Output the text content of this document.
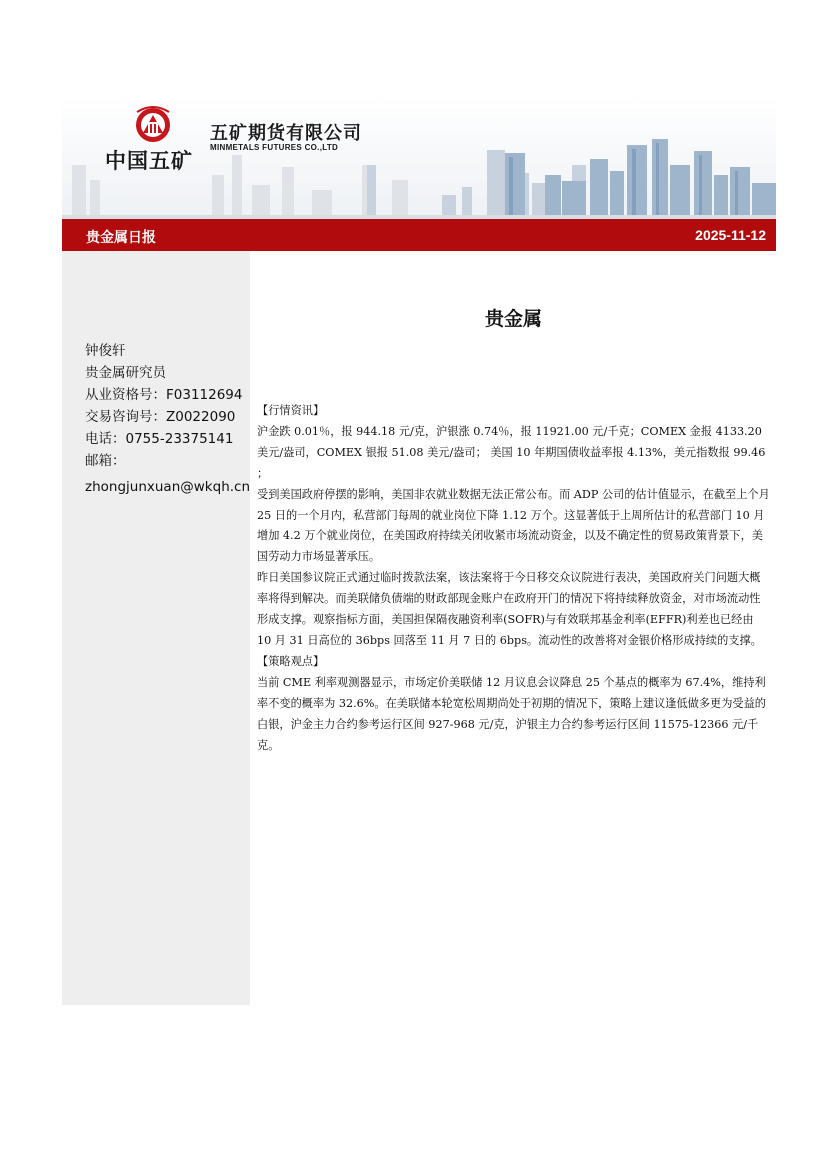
中国五矿
五矿期货有限公司
MINMETALS FUTURES CO.,LTD
贵金属日报	2025-11-12
钟俊轩
贵金属研究员
从业资格号：F03112694
交易咨询号：Z0022090
电话：0755-23375141
邮箱：
zhongjunxuan@wkqh.cn
贵金属

【行情资讯】

沪金跌 0.01％，报 944.18 元/克，沪银涨 0.74％，报 11921.00 元/千克；COMEX 金报 4133.20 美元/盎司，COMEX 银报 51.08 美元/盎司； 美国 10 年期国债收益率报 4.13%，美元指数报 99.46 ；

受到美国政府停摆的影响，美国非农就业数据无法正常公布。而 ADP 公司的估计值显示，在截至上个月 25 日的一个月内，私营部门每周的就业岗位下降 1.12 万个。这显著低于上周所估计的私营部门 10 月增加 4.2 万个就业岗位，在美国政府持续关闭收紧市场流动资金，以及不确定性的贸易政策背景下，美国劳动力市场显著承压。

昨日美国参议院正式通过临时拨款法案，该法案将于今日移交众议院进行表决，美国政府关门问题大概率将得到解决。而美联储负债端的财政部现金账户在政府开门的情况下将持续释放资金，对市场流动性形成支撑。观察指标方面，美国担保隔夜融资利率(SOFR)与有效联邦基金利率(EFFR)利差也已经由 10 月 31 日高位的 36bps 回落至 11 月 7 日的 6bps。流动性的改善将对金银价格形成持续的支撑。

【策略观点】

当前 CME 利率观测器显示，市场定价美联储 12 月议息会议降息 25 个基点的概率为 67.4%，维持利率不变的概率为 32.6%。在美联储本轮宽松周期尚处于初期的情况下，策略上建议逢低做多更为受益的白银，沪金主力合约参考运行区间 927-968 元/克，沪银主力合约参考运行区间 11575-12366 元/千克。
